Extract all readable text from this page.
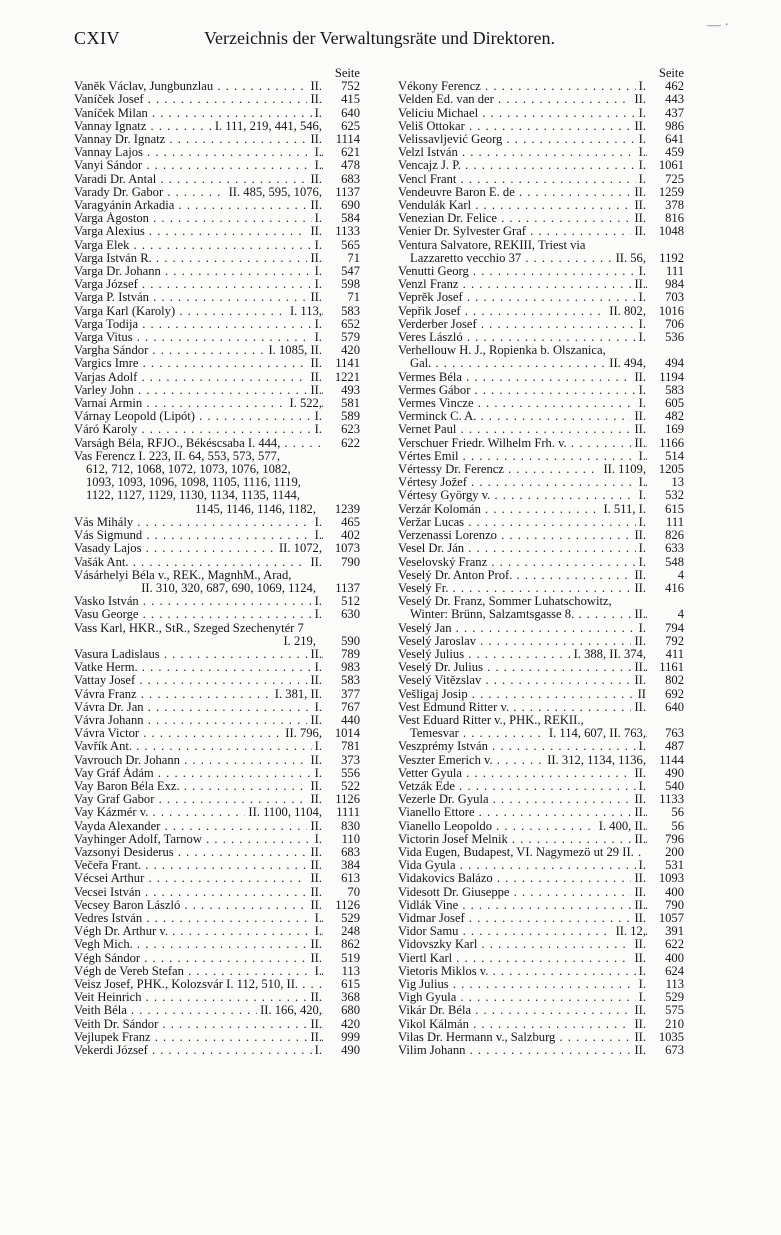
CXIV	Verzeichnis der Verwaltungsräte und Direktoren.
— ·
Seite
Vaněk Václav, Jungbunzlau . . .	II.	752
Vaníček Josef . . .	II.	415
Vaníček Milan . . .	I.	640
Vannay Ignatz . . .	I. 111, 219, 441, 546,	625
Vannay Dr. Ignatz . . .	II.	1114
Vannay Lajos . . .	I.	621
Vanyi Sándor . . .	I.	478
Varadi Dr. Antal . . .	II.	683
Varady Dr. Gabor . . .	II. 485, 595, 1076,	1137
Varagyánin Arkadia . . .	II.	690
Varga Ágoston . . .	I.	584
Varga Alexius . . .	II.	1133
Varga Elek . . .	I.	565
Varga István R. . . .	II.	71
Varga Dr. Johann . . .	I.	547
Varga József . . .	I.	598
Varga P. István . . .	II.	71
Varga Karl (Karoly) . . .	I. 113,	583
Varga Todija . . .	I.	652
Varga Vitus . . .	I.	579
Vargha Sándor . . .	I. 1085, II.	420
Vargics Imre . . .	II.	1141
Varjas Adolf . . .	II.	1221
Varley John . . .	II.	493
Varnai Armin . . .	I. 522,	581
Várnay Leopold (Lipót) . . .	I.	589
Váró Karoly . . .	I.	623
Varságh Béla, RFJO., Békéscsaba I. 444, . . .	622
Vas Ferencz I. 223, II. 64, 553, 573, 577,
612, 712, 1068, 1072, 1073, 1076, 1082,
1093, 1093, 1096, 1098, 1105, 1116, 1119,
1122, 1127, 1129, 1130, 1134, 1135, 1144,
1145, 1146, 1146, 1182,	1239
Vás Mihály . . .	I.	465
Vás Sigmund . . .	I.	402
Vasady Lajos . . .	II. 1072,	1073
Vašák Ant. . . .	II.	790
Vásárhelyi Béla v., REK., MagnhM., Arad,
II. 310, 320, 687, 690, 1069, 1124,	1137
Vasko István . . .	I.	512
Vasu George . . .	I.	630
Vass Karl, HKR., StR., Szeged Szechenytér 7
I. 219,	590
Vasura Ladislaus . . .	II.	789
Vatke Herm. . . .	I.	983
Vattay Josef . . .	II.	583
Vávra Franz . . .	I. 381, II.	377
Vávra Dr. Jan . . .	I.	767
Vávra Johann . . .	II.	440
Vávra Victor . . .	II. 796,	1014
Vavřík Ant. . . .	I.	781
Vavrouch Dr. Johann . . .	II.	373
Vay Gráf Ádám . . .	I.	556
Vay Baron Béla Exz. . . .	II.	522
Vay Graf Gabor . . .	II.	1126
Vay Kázmér v. . . .	II. 1100, 1104,	1111
Vayda Alexander . . .	II.	830
Vayhinger Adolf, Tarnow . . .	I.	110
Vazsonyi Desiderus . . .	II.	683
Večeřa Frant. . . .	II.	384
Vécsei Arthur . . .	II.	613
Vecsei István . . .	II.	70
Vecsey Baron László . . .	II.	1126
Vedres István . . .	I.	529
Végh Dr. Arthur v. . . .	I.	248
Vegh Mich. . . .	II.	862
Végh Sándor . . .	II.	519
Végh de Vereb Stefan . . .	I.	113
Veisz Josef, PHK., Kolozsvár I. 112, 510, II. . . .	615
Veit Heinrich . . .	II.	368
Veith Béla . . .	II. 166, 420,	680
Veith Dr. Sándor . . .	II.	420
Vejlupek Franz . . .	II.	999
Vekerdi József . . .	I.	490
Seite
Vékony Ferencz . . .	I.	462
Velden Ed. van der . . .	II.	443
Veliciu Michael . . .	I.	437
Veliš Ottokar . . .	II.	986
Velissavljević Georg . . .	I.	641
Velzl István . . .	I.	459
Vencajz J. P. . . .	I.	1061
Vencl Frant . . .	I.	725
Vendeuvre Baron E. de . . .	II.	1259
Vendulák Karl . . .	II.	378
Venezian Dr. Felice . . .	II.	816
Venier Dr. Sylvester Graf . . .	II.	1048
Ventura Salvatore, REKIII, Triest via
Lazzaretto vecchio 37 . . .	II. 56,	1192
Venutti Georg . . .	I.	111
Venzl Franz . . .	II.	984
Veprěk Josef . . .	I.	703
Vepřik Josef . . .	II. 802,	1016
Verderber Josef . . .	I.	706
Veres László . . .	I.	536
Verhellouw H. J., Ropienka b. Olszanica,
Gal. . . .	II. 494,	494
Vermes Béla . . .	II.	1194
Vermes Gábor . . .	I.	583
Vermes Vincze . . .	I.	605
Verminck C. A. . . .	II.	482
Vernet Paul . . .	II.	169
Verschuer Friedr. Wilhelm Frh. v. . . .	II.	1166
Vértes Emil . . .	I.	514
Vértessy Dr. Ferencz . . .	II. 1109,	1205
Vértesy Jožef . . .	I.	13
Vértesy György v. . . .	I.	532
Verzár Kolomán . . .	I. 511, I.	615
Veržar Lucas . . .	I.	111
Verzenassi Lorenzo . . .	II.	826
Vesel Dr. Ján . . .	I.	633
Veselovský Franz . . .	I.	548
Veselý Dr. Anton Prof. . . .	II.	4
Veselý Fr. . . .	II.	416
Veselý Dr. Franz, Sommer Luhatschowitz,
Winter: Brünn, Salzamtsgasse 8. . . .	II.	4
Veselý Jan . . .	I.	794
Veselý Jaroslav . . .	II.	792
Veselý Julius . . .	I. 388, II. 374,	411
Veselý Dr. Julius . . .	II.	1161
Veselý Vitězslav . . .	II.	802
Vešligaj Josip . . .	II	692
Vest Edmund Ritter v. . . .	II.	640
Vest Eduard Ritter v., PHK., REKII.,
Temesvar . . .	I. 114, 607, II. 763,	763
Veszprémy István . . .	I.	487
Veszter Emerich v. . . .	II. 312, 1134, 1136,	1144
Vetter Gyula . . .	II.	490
Vetzák Ede . . .	I.	540
Vezerle Dr. Gyula . . .	II.	1133
Vianello Ettore . . .	II.	56
Vianello Leopoldo . . .	I. 400, II.	56
Victorin Josef Melnik . . .	II.	796
Vida Eugen, Budapest, VI. Nagymezö ut 29 II. . . .	200
Vida Gyula . . .	I.	531
Vidakovics Balázo . . .	II.	1093
Videsott Dr. Giuseppe . . .	II.	400
Vidlák Vine . . .	II.	790
Vidmar Josef . . .	II.	1057
Vidor Samu . . .	II. 12,	391
Vidovszky Karl . . .	II.	622
Viertl Karl . . .	II.	400
Vietoris Miklos v. . . .	I.	624
Vig Julius . . .	I.	113
Vigh Gyula . . .	I.	529
Vikár Dr. Béla . . .	II.	575
Vikol Kálmán . . .	II.	210
Vilas Dr. Hermann v., Salzburg . . .	II.	1035
Vilim Johann . . .	II.	673
